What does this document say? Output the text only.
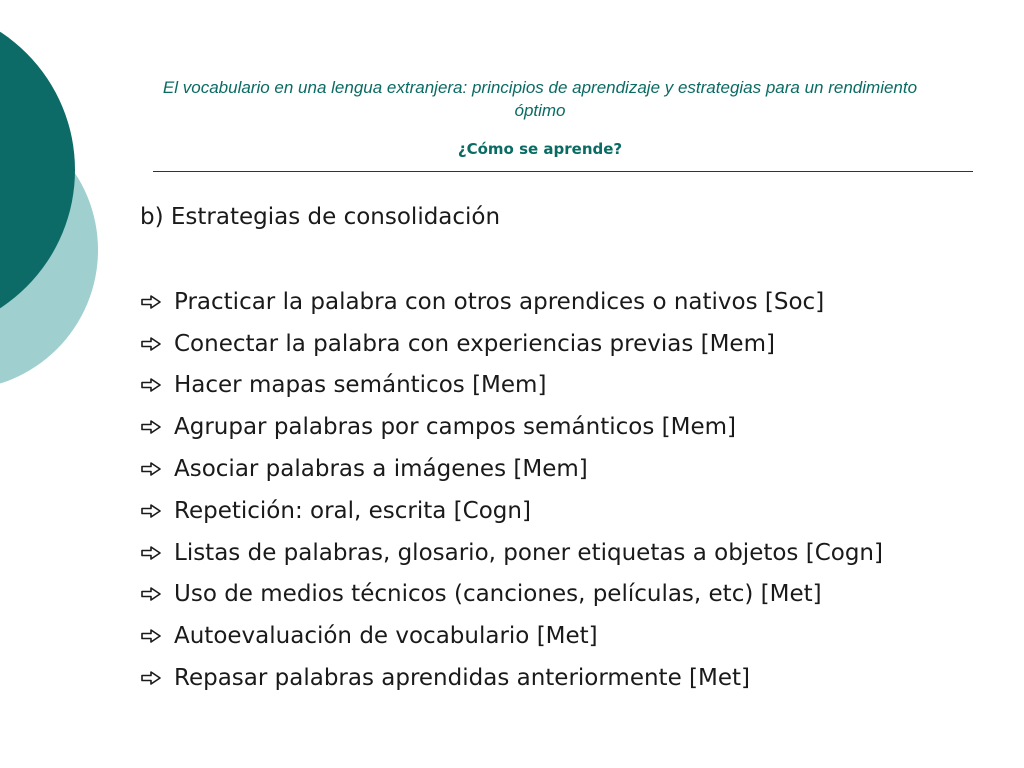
El vocabulario en una lengua extranjera: principios de aprendizaje y estrategias para un rendimiento óptimo
¿Cómo se aprende?
b) Estrategias de consolidación
Practicar la palabra con otros aprendices o nativos [Soc]
Conectar la palabra con experiencias previas [Mem]
Hacer mapas semánticos [Mem]
Agrupar palabras por campos semánticos [Mem]
Asociar palabras a imágenes [Mem]
Repetición: oral, escrita [Cogn]
Listas de palabras, glosario, poner etiquetas a objetos [Cogn]
Uso de medios técnicos (canciones, películas, etc) [Met]
Autoevaluación de vocabulario [Met]
Repasar palabras aprendidas anteriormente [Met]
